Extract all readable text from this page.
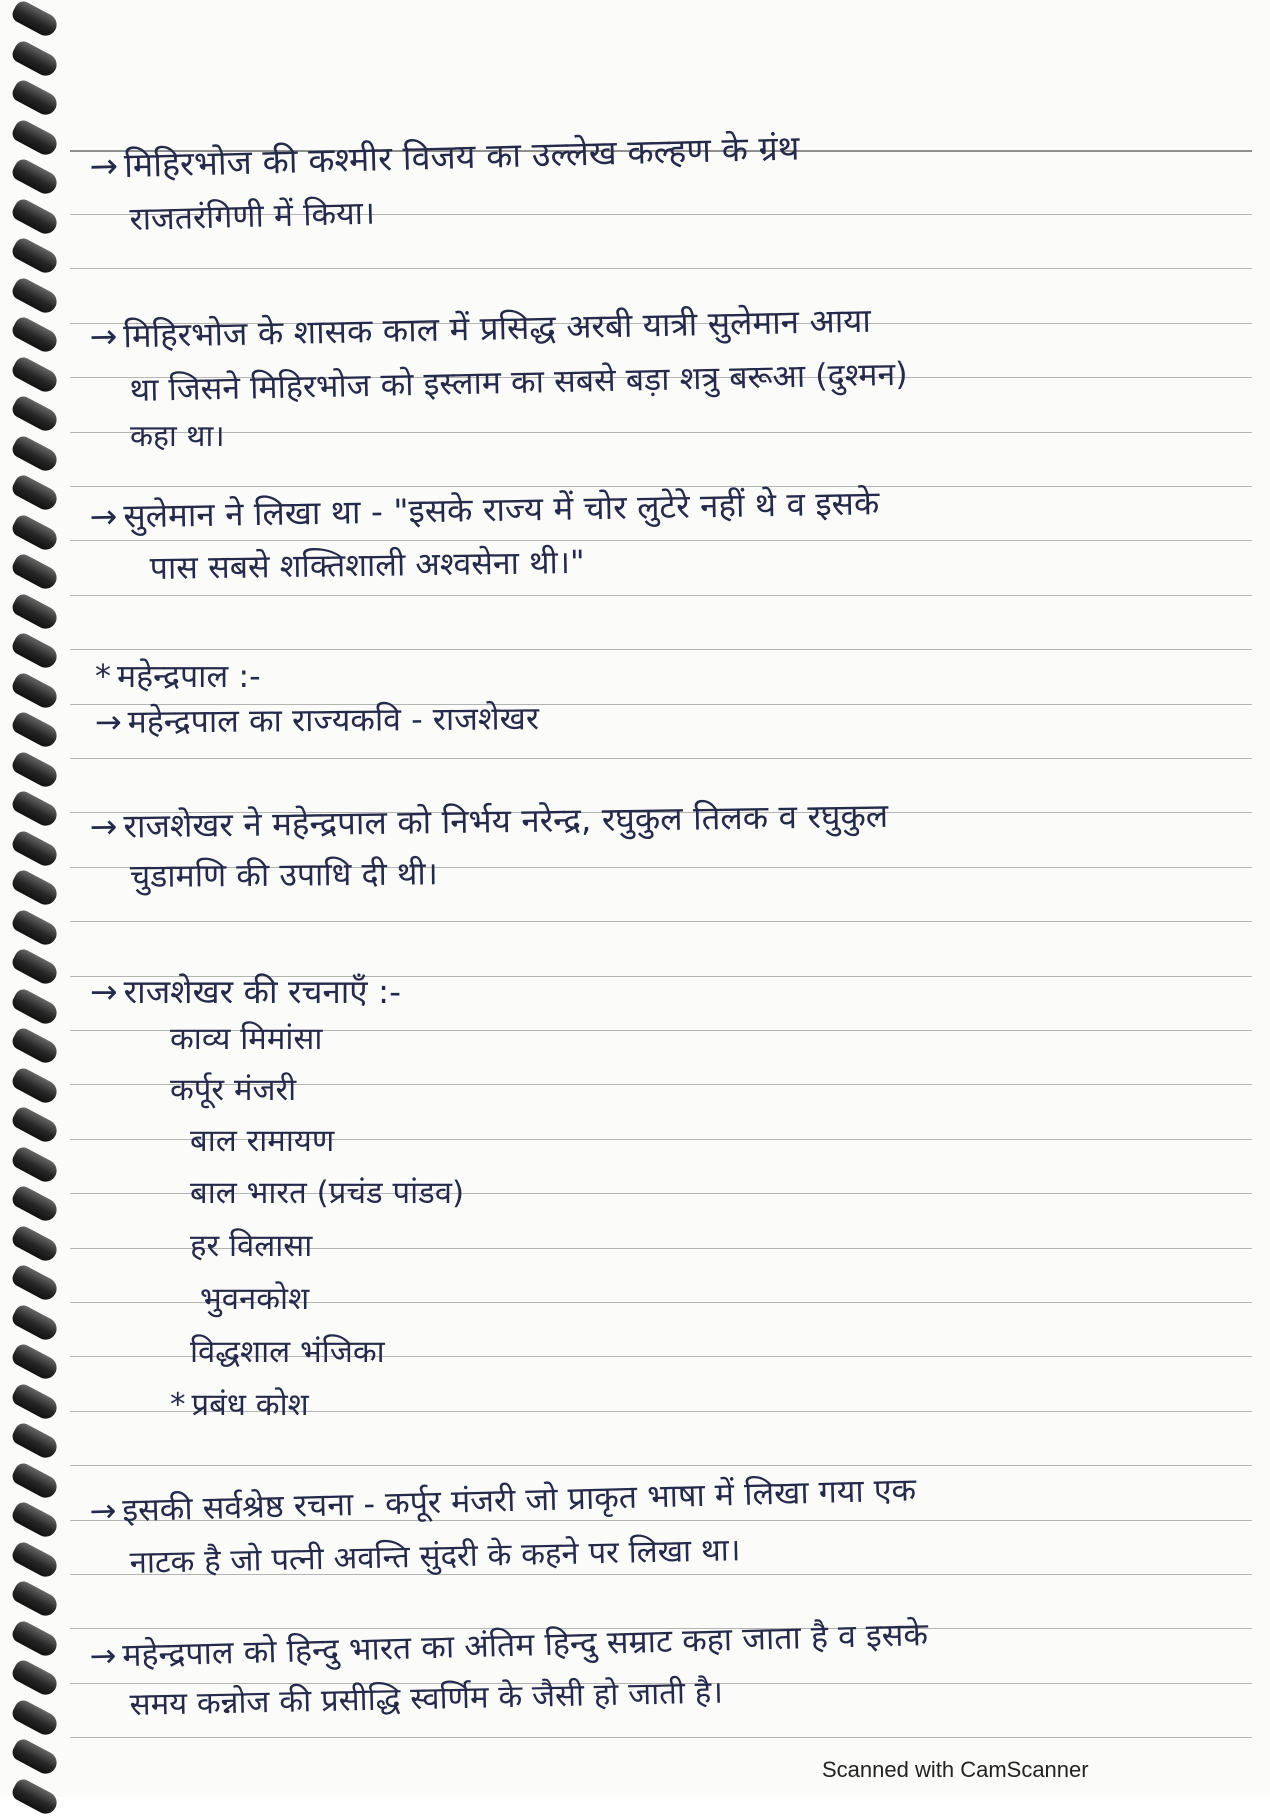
→ मिहिरभोज की कश्मीर विजय का उल्लेख कल्हण के ग्रंथ
राजतरंगिणी में किया।
→ मिहिरभोज के शासक काल में प्रसिद्ध अरबी यात्री सुलेमान आया
था जिसने मिहिरभोज को इस्लाम का सबसे बड़ा शत्रु बरूआ (दुश्मन)
कहा था।
→ सुलेमान ने लिखा था - "इसके राज्य में चोर लुटेरे नहीं थे व इसके
पास सबसे शक्तिशाली अश्वसेना थी।"
* महेन्द्रपाल :-
→ महेन्द्रपाल का राज्यकवि - राजशेखर
→ राजशेखर ने महेन्द्रपाल को निर्भय नरेन्द्र, रघुकुल तिलक व रघुकुल
चुडामणि की उपाधि दी थी।
→ राजशेखर की रचनाएँ :-
काव्य मिमांसा
कर्पूर मंजरी
बाल रामायण
बाल भारत (प्रचंड पांडव)
हर विलासा
भुवनकोश
विद्धशाल भंजिका
* प्रबंध कोश
→ इसकी सर्वश्रेष्ठ रचना - कर्पूर मंजरी जो प्राकृत भाषा में लिखा गया एक
नाटक है जो पत्नी अवन्ति सुंदरी के कहने पर लिखा था।
→ महेन्द्रपाल को हिन्दु भारत का अंतिम हिन्दु सम्राट कहा जाता है व इसके
समय कन्नोज की प्रसीद्धि स्वर्णिम के जैसी हो जाती है।
Scanned with CamScanner
